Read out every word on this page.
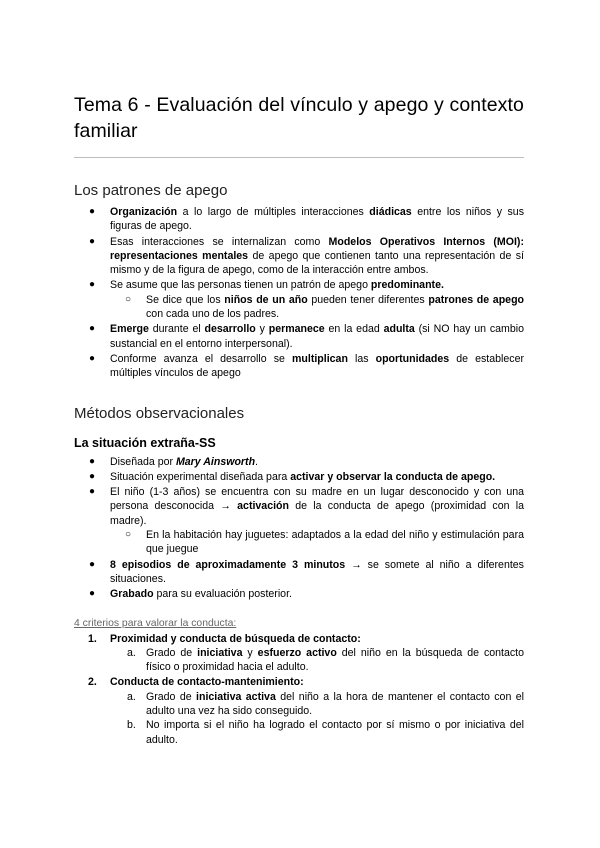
Tema 6 - Evaluación del vínculo y apego y contexto familiar
Los patrones de apego
● Organización a lo largo de múltiples interacciones diádicas entre los niños y sus figuras de apego.
● Esas interacciones se internalizan como Modelos Operativos Internos (MOI): representaciones mentales de apego que contienen tanto una representación de sí mismo y de la figura de apego, como de la interacción entre ambos.
● Se asume que las personas tienen un patrón de apego predominante.
○ Se dice que los niños de un año pueden tener diferentes patrones de apego con cada uno de los padres.
● Emerge durante el desarrollo y permanece en la edad adulta (si NO hay un cambio sustancial en el entorno interpersonal).
● Conforme avanza el desarrollo se multiplican las oportunidades de establecer múltiples vínculos de apego
Métodos observacionales
La situación extraña-SS
● Diseñada por Mary Ainsworth.
● Situación experimental diseñada para activar y observar la conducta de apego.
● El niño (1-3 años) se encuentra con su madre en un lugar desconocido y con una persona desconocida → activación de la conducta de apego (proximidad con la madre).
○ En la habitación hay juguetes: adaptados a la edad del niño y estimulación para que juegue
● 8 episodios de aproximadamente 3 minutos → se somete al niño a diferentes situaciones.
● Grabado para su evaluación posterior.
4 criterios para valorar la conducta:
1. Proximidad y conducta de búsqueda de contacto:
a. Grado de iniciativa y esfuerzo activo del niño en la búsqueda de contacto físico o proximidad hacia el adulto.
2. Conducta de contacto-mantenimiento:
a. Grado de iniciativa activa del niño a la hora de mantener el contacto con el adulto una vez ha sido conseguido.
b. No importa si el niño ha logrado el contacto por sí mismo o por iniciativa del adulto.
